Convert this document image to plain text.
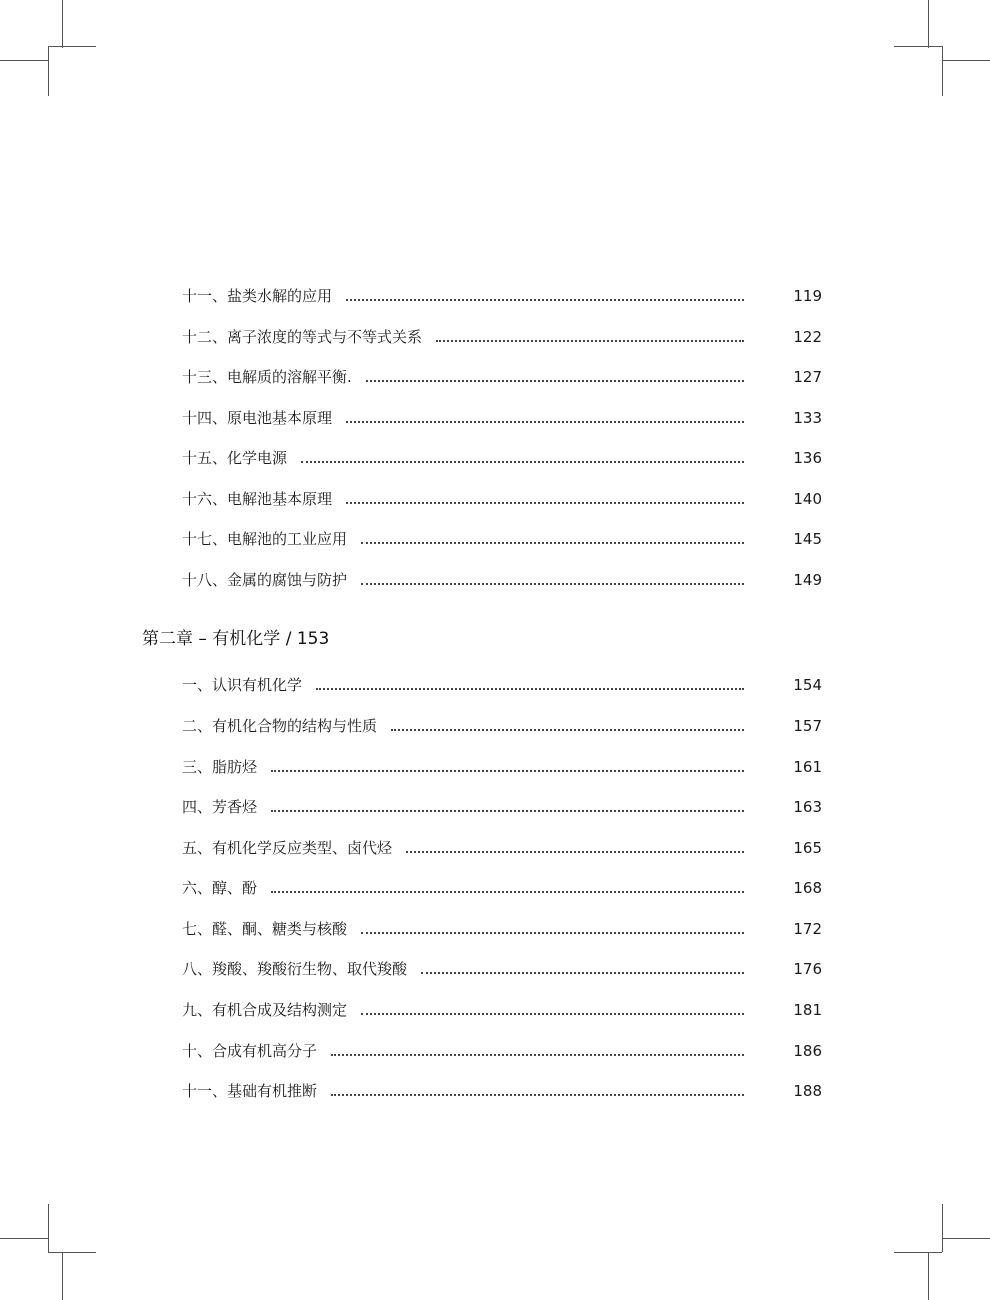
十一、盐类水解的应用	119
十二、离子浓度的等式与不等式关系	122
十三、电解质的溶解平衡.	127
十四、原电池基本原理	133
十五、化学电源	136
十六、电解池基本原理	140
十七、电解池的工业应用	145
十八、金属的腐蚀与防护	149
第二章 – 有机化学 / 153
一、认识有机化学	154
二、有机化合物的结构与性质	157
三、脂肪烃	161
四、芳香烃	163
五、有机化学反应类型、卤代烃	165
六、醇、酚	168
七、醛、酮、糖类与核酸	172
八、羧酸、羧酸衍生物、取代羧酸	176
九、有机合成及结构测定	181
十、合成有机高分子	186
十一、基础有机推断	188
